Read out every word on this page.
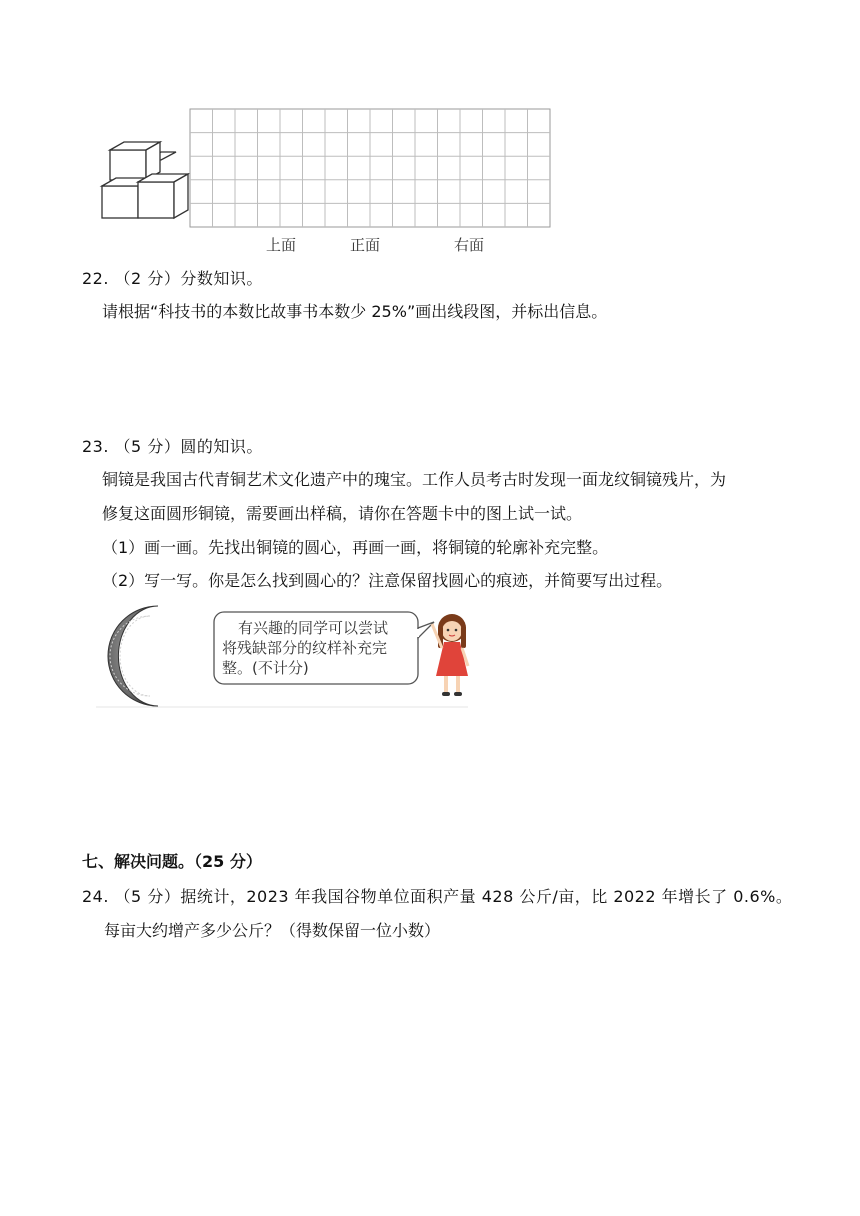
上面	正面	右面
22. （2 分）分数知识。
请根据“科技书的本数比故事书本数少 25%”画出线段图，并标出信息。
23. （5 分）圆的知识。
铜镜是我国古代青铜艺术文化遗产中的瑰宝。工作人员考古时发现一面龙纹铜镜残片，为
修复这面圆形铜镜，需要画出样稿，请你在答题卡中的图上试一试。
（1）画一画。先找出铜镜的圆心，再画一画，将铜镜的轮廓补充完整。
（2）写一写。你是怎么找到圆心的？注意保留找圆心的痕迹，并简要写出过程。
有兴趣的同学可以尝试
将残缺部分的纹样补充完
整。(不计分)
七、解决问题。（25 分）
24. （5 分）据统计，2023 年我国谷物单位面积产量 428 公斤/亩，比 2022 年增长了 0.6%。
每亩大约增产多少公斤？（得数保留一位小数）
